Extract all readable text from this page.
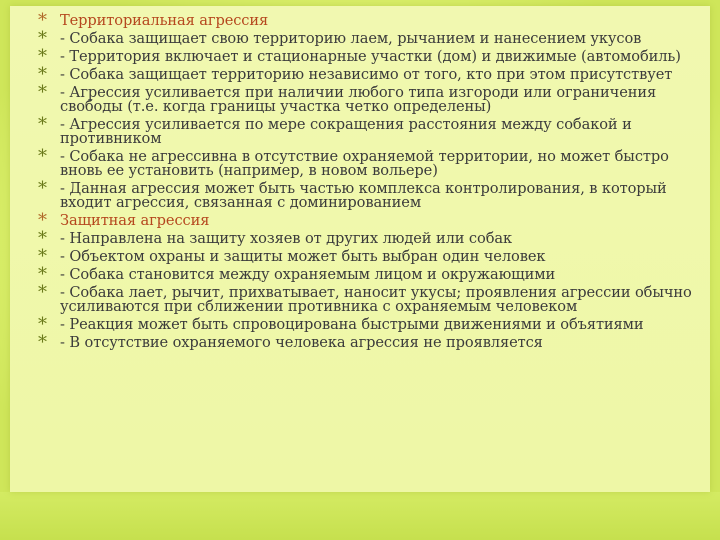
* Территориальная агрессия
* - Собака защищает свою территорию лаем, рычанием и нанесением укусов
* - Территория включает и стационарные участки (дом) и движимые (автомобиль)
* - Собака защищает территорию независимо от того, кто при этом присутствует
* - Агрессия усиливается при наличии любого типа изгороди или ограничения свободы (т.е. когда границы участка четко определены)
* - Агрессия усиливается по мере сокращения расстояния между собакой и противником
* - Собака не агрессивна в отсутствие охраняемой территории, но может быстро вновь ее установить (например, в новом вольере)
* - Данная агрессия может быть частью комплекса контролирования, в который входит агрессия, связанная с доминированием
* Защитная агрессия
* - Направлена на защиту хозяев от других людей или собак
* - Объектом охраны и защиты может быть выбран один человек
* - Собака становится между охраняемым лицом и окружающими
* - Собака лает, рычит, прихватывает, наносит укусы; проявления агрессии обычно усиливаются при сближении противника с охраняемым человеком
* - Реакция может быть спровоцирована быстрыми движениями и объятиями
* - В отсутствие охраняемого человека агрессия не проявляется
